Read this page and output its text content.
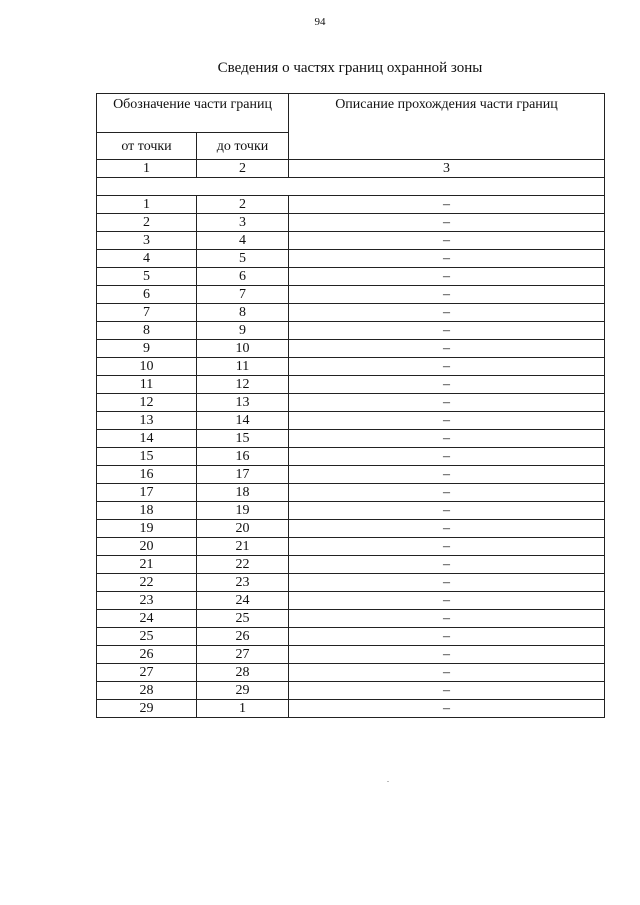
94
Сведения о частях границ охранной зоны
Обозначение части границ		Описание прохождения части границ
от точки	до точки	
1	2	3

1	2	–
2	3	–
3	4	–
4	5	–
5	6	–
6	7	–
7	8	–
8	9	–
9	10	–
10	11	–
11	12	–
12	13	–
13	14	–
14	15	–
15	16	–
16	17	–
17	18	–
18	19	–
19	20	–
20	21	–
21	22	–
22	23	–
23	24	–
24	25	–
25	26	–
26	27	–
27	28	–
28	29	–
29	1	–
